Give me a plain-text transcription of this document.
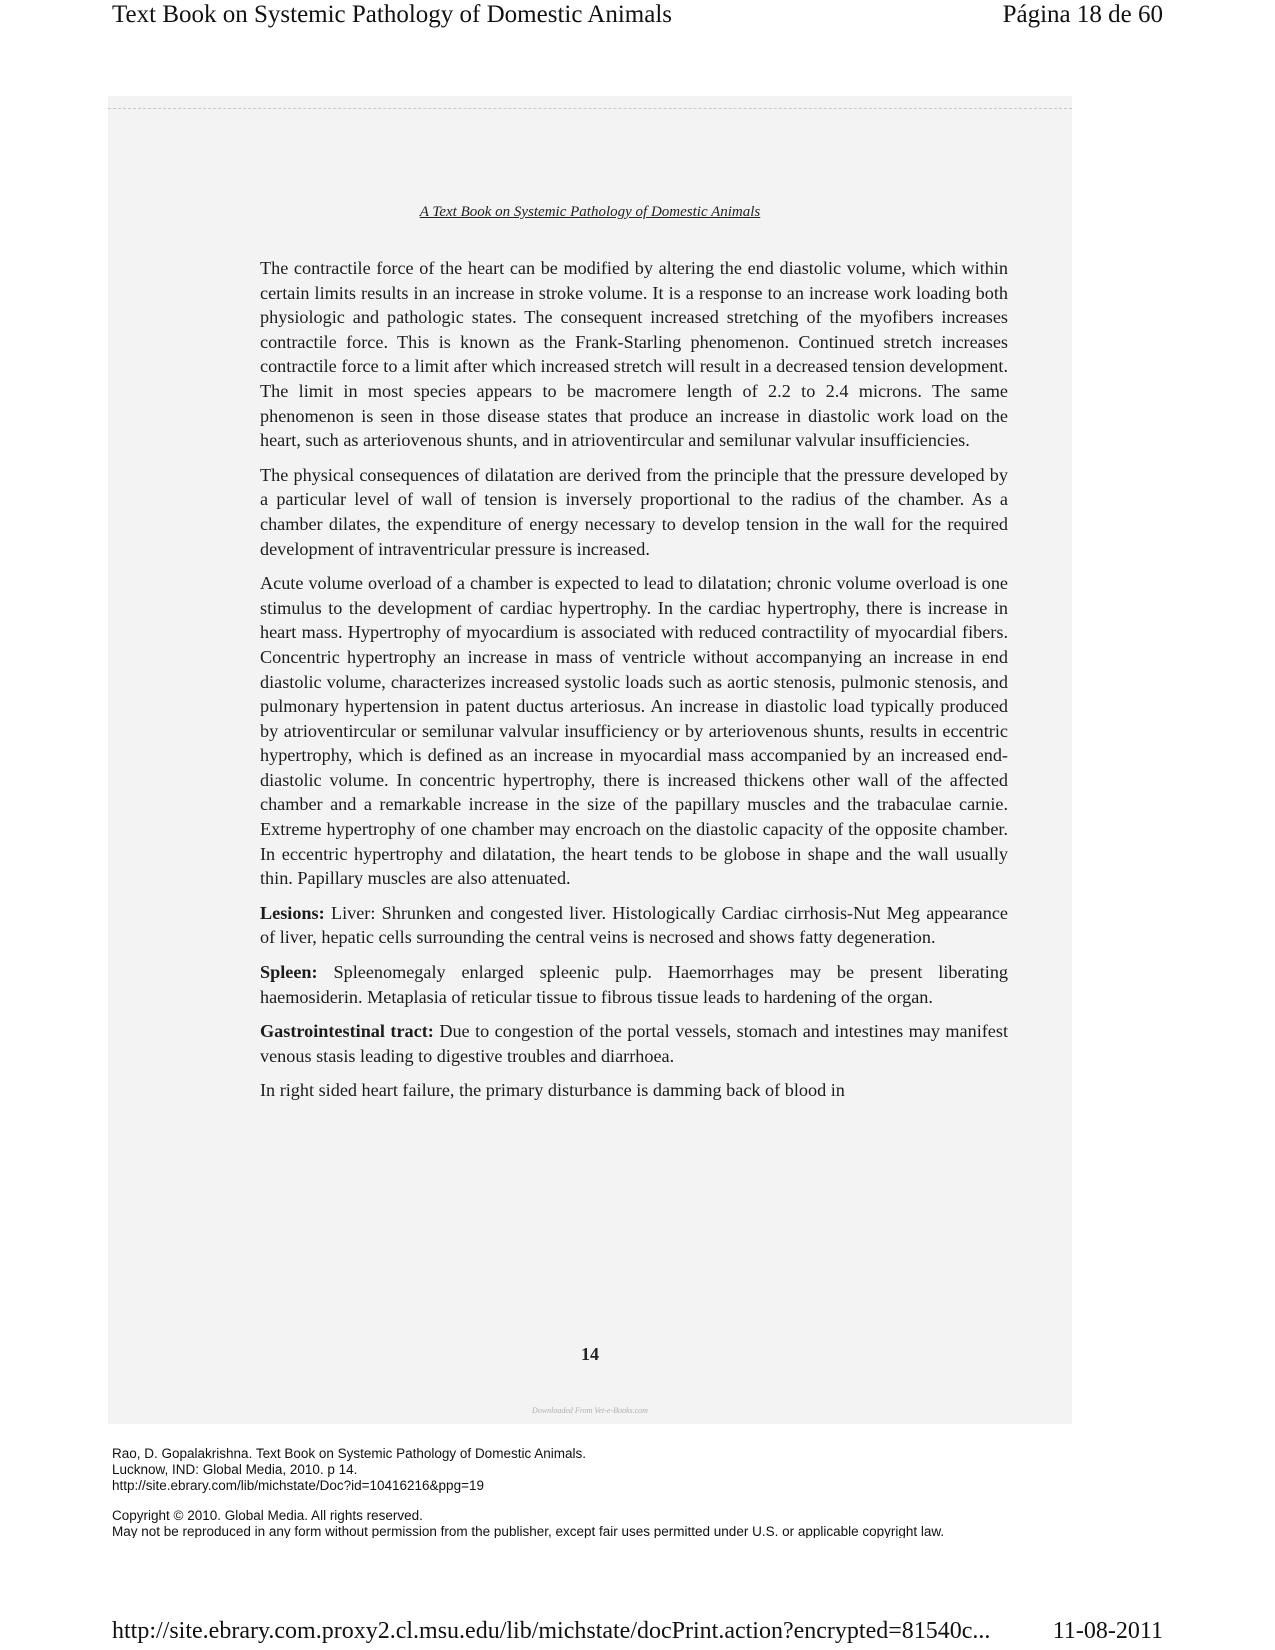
Text Book on Systemic Pathology of Domestic Animals	Página 18 de 60
A Text Book on Systemic Pathology of Domestic Animals

The contractile force of the heart can be modified by altering the end diastolic volume, which within certain limits results in an increase in stroke volume. It is a response to an increase work loading both physiologic and pathologic states. The consequent increased stretching of the myofibers increases contractile force. This is known as the Frank-Starling phenomenon. Continued stretch increases contractile force to a limit after which increased stretch will result in a decreased tension development. The limit in most species appears to be macromere length of 2.2 to 2.4 microns. The same phenomenon is seen in those disease states that produce an increase in diastolic work load on the heart, such as arteriovenous shunts, and in atrioventircular and semilunar valvular insufficiencies.

The physical consequences of dilatation are derived from the principle that the pressure developed by a particular level of wall of tension is inversely proportional to the radius of the chamber. As a chamber dilates, the expenditure of energy necessary to develop tension in the wall for the required development of intraventricular pressure is increased.

Acute volume overload of a chamber is expected to lead to dilatation; chronic volume overload is one stimulus to the development of cardiac hypertrophy. In the cardiac hypertrophy, there is increase in heart mass. Hypertrophy of myocardium is associated with reduced contractility of myocardial fibers. Concentric hypertrophy an increase in mass of ventricle without accompanying an increase in end diastolic volume, characterizes increased systolic loads such as aortic stenosis, pulmonic stenosis, and pulmonary hypertension in patent ductus arteriosus. An increase in diastolic load typically produced by atrioventircular or semilunar valvular insufficiency or by arteriovenous shunts, results in eccentric hypertrophy, which is defined as an increase in myocardial mass accompanied by an increased end-diastolic volume. In concentric hypertrophy, there is increased thickens other wall of the affected chamber and a remarkable increase in the size of the papillary muscles and the trabaculae carnie. Extreme hypertrophy of one chamber may encroach on the diastolic capacity of the opposite chamber. In eccentric hypertrophy and dilatation, the heart tends to be globose in shape and the wall usually thin. Papillary muscles are also attenuated.

Lesions: Liver: Shrunken and congested liver. Histologically Cardiac cirrhosis-Nut Meg appearance of liver, hepatic cells surrounding the central veins is necrosed and shows fatty degeneration.

Spleen: Spleenomegaly enlarged spleenic pulp. Haemorrhages may be present liberating haemosiderin. Metaplasia of reticular tissue to fibrous tissue leads to hardening of the organ.

Gastrointestinal tract: Due to congestion of the portal vessels, stomach and intestines may manifest venous stasis leading to digestive troubles and diarrhoea.

In right sided heart failure, the primary disturbance is damming back of blood in

14
Downloaded From Vet-e-Books.com
Rao, D. Gopalakrishna. Text Book on Systemic Pathology of Domestic Animals.
Lucknow, IND: Global Media, 2010. p 14.
http://site.ebrary.com/lib/michstate/Doc?id=10416216&ppg=19
Copyright © 2010. Global Media. All rights reserved.
May not be reproduced in any form without permission from the publisher, except fair uses permitted under U.S. or applicable copyright law.
http://site.ebrary.com.proxy2.cl.msu.edu/lib/michstate/docPrint.action?encrypted=81540c...	11-08-2011
